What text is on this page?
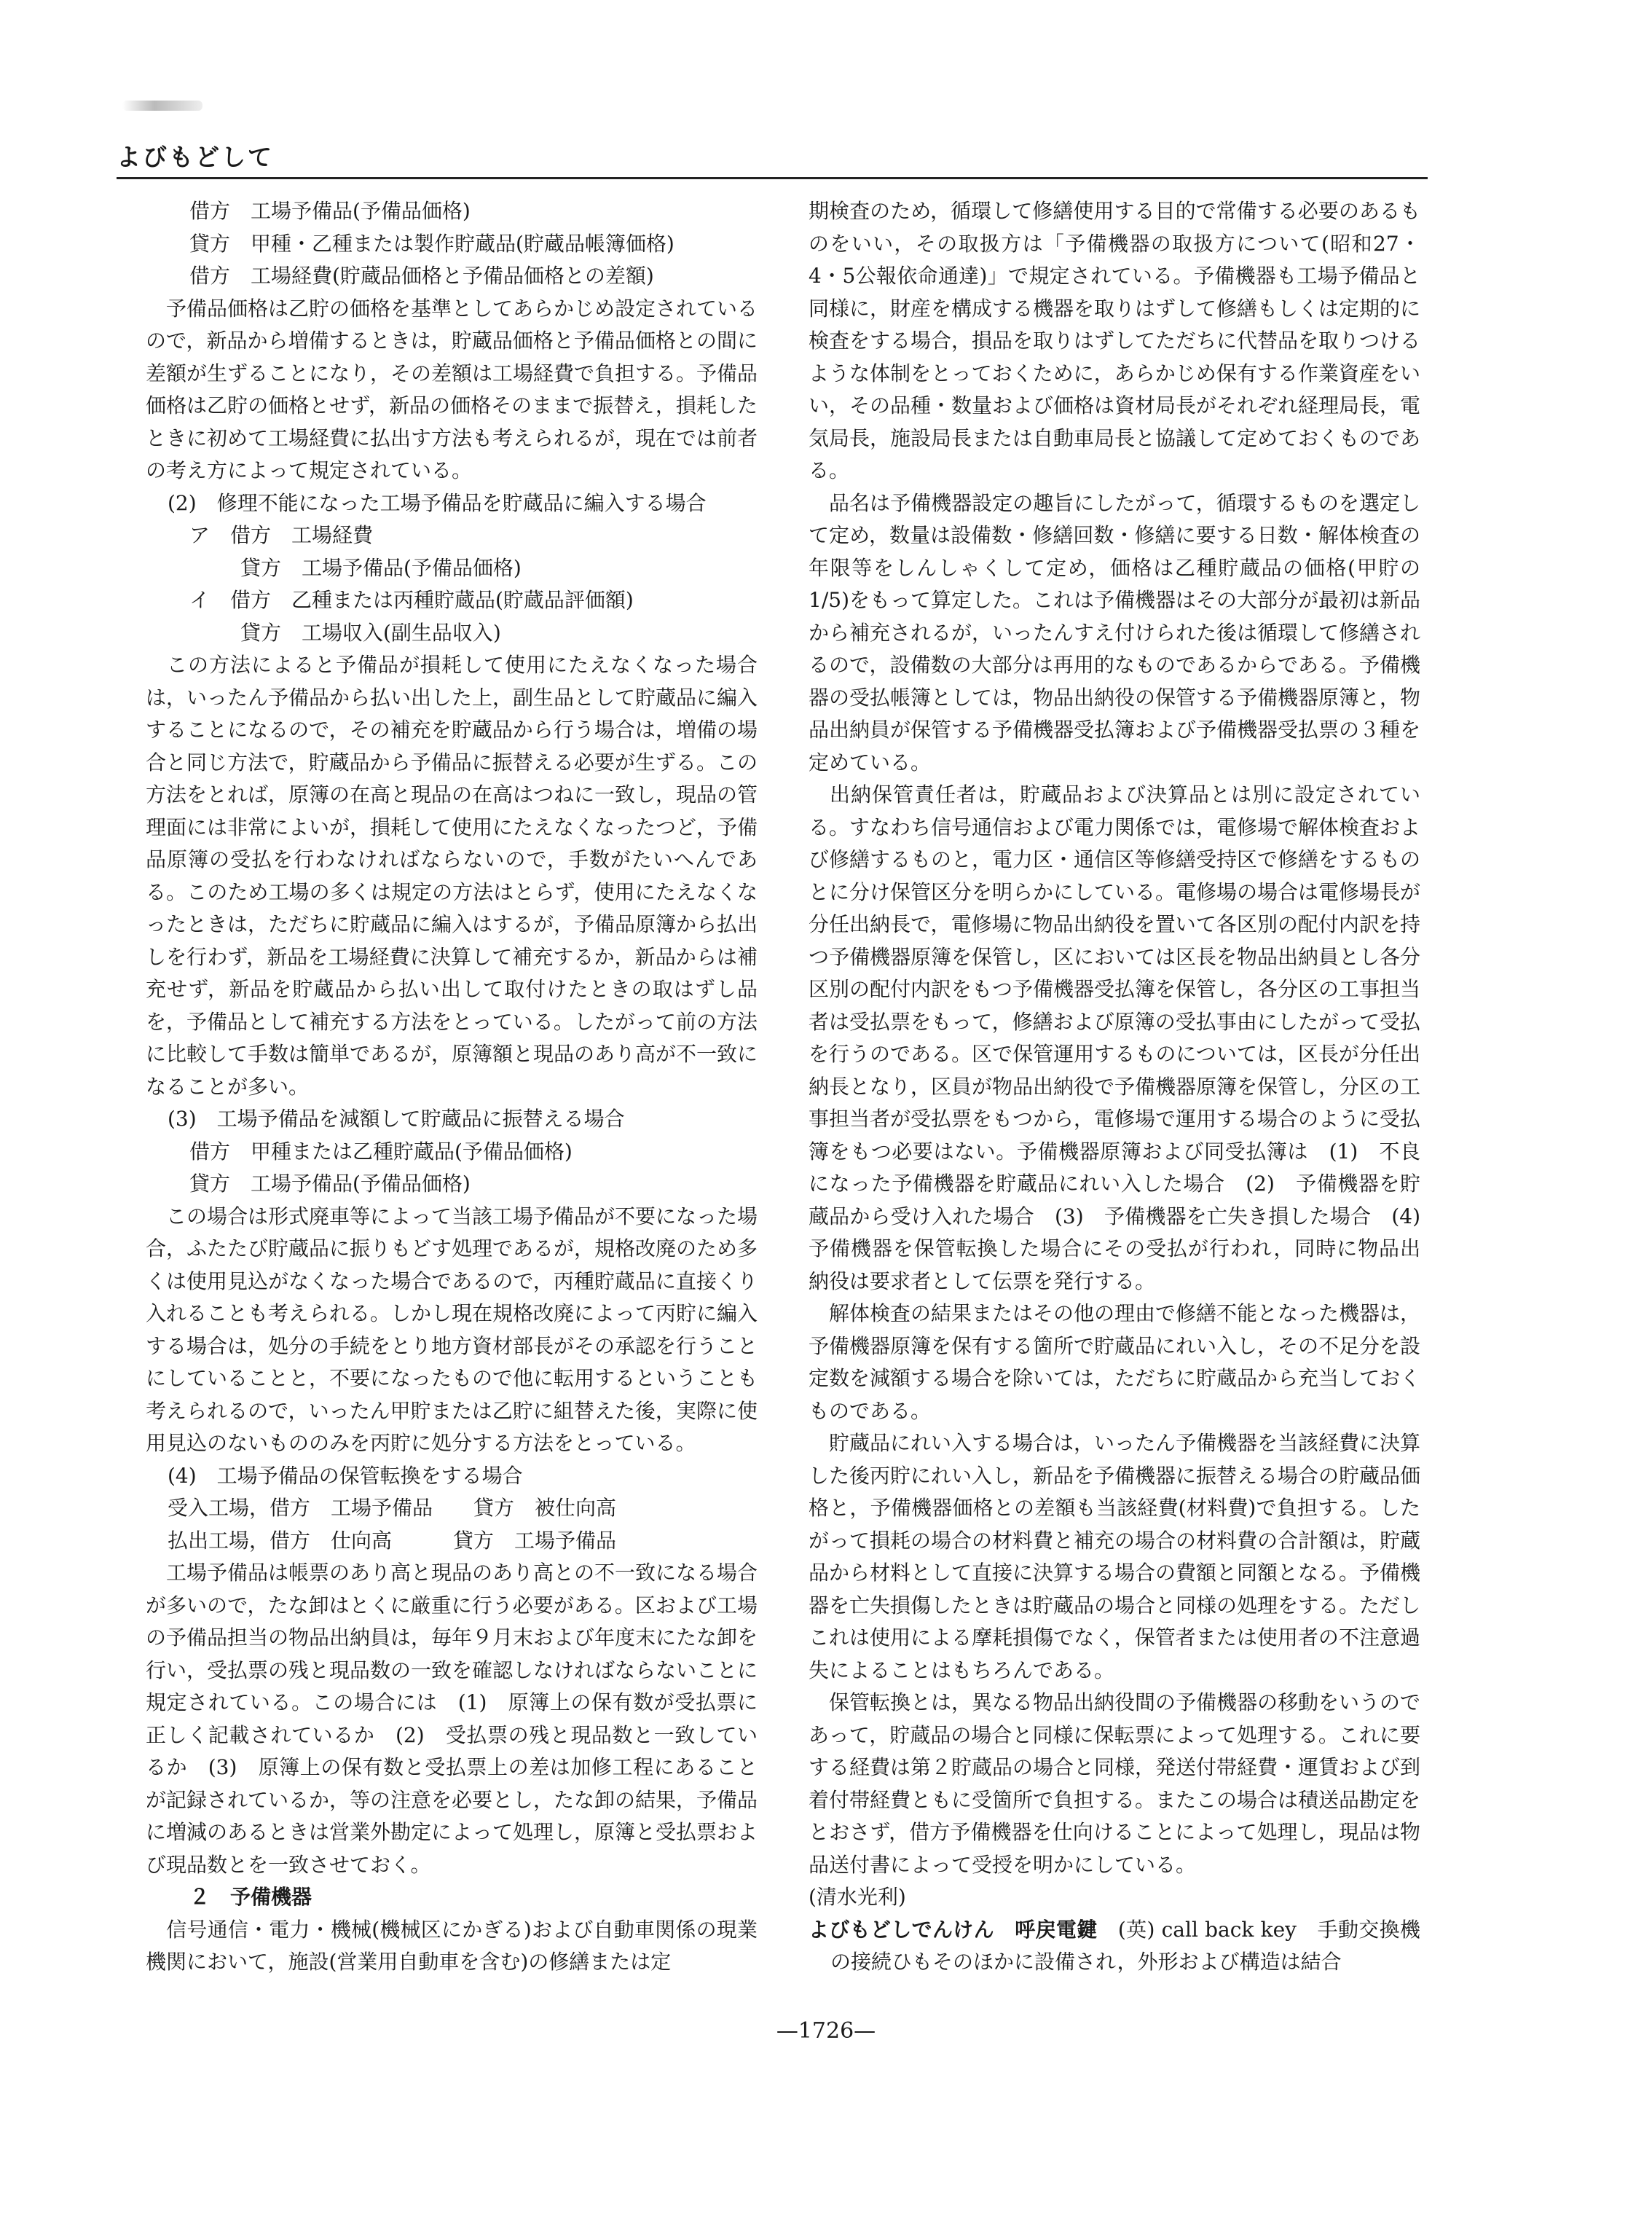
よびもどして

借方　工場予備品(予備品価格)

貸方　甲種・乙種または製作貯蔵品(貯蔵品帳簿価格)

借方　工場経費(貯蔵品価格と予備品価格との差額)

　予備品価格は乙貯の価格を基準としてあらかじめ設定されているので，新品から増備するときは，貯蔵品価格と予備品価格との間に差額が生ずることになり，その差額は工場経費で負担する。予備品価格は乙貯の価格とせず，新品の価格そのままで振替え，損耗したときに初めて工場経費に払出す方法も考えられるが，現在では前者の考え方によって規定されている。

(2)　修理不能になった工場予備品を貯蔵品に編入する場合

ア　借方　工場経費

貸方　工場予備品(予備品価格)

イ　借方　乙種または丙種貯蔵品(貯蔵品評価額)

貸方　工場収入(副生品収入)

　この方法によると予備品が損耗して使用にたえなくなった場合は，いったん予備品から払い出した上，副生品として貯蔵品に編入することになるので，その補充を貯蔵品から行う場合は，増備の場合と同じ方法で，貯蔵品から予備品に振替える必要が生ずる。この方法をとれば，原簿の在高と現品の在高はつねに一致し，現品の管理面には非常によいが，損耗して使用にたえなくなったつど，予備品原簿の受払を行わなければならないので，手数がたいへんである。このため工場の多くは規定の方法はとらず，使用にたえなくなったときは，ただちに貯蔵品に編入はするが，予備品原簿から払出しを行わず，新品を工場経費に決算して補充するか，新品からは補充せず，新品を貯蔵品から払い出して取付けたときの取はずし品を，予備品として補充する方法をとっている。したがって前の方法に比較して手数は簡単であるが，原簿額と現品のあり高が不一致になることが多い。

(3)　工場予備品を減額して貯蔵品に振替える場合

借方　甲種または乙種貯蔵品(予備品価格)

貸方　工場予備品(予備品価格)

　この場合は形式廃車等によって当該工場予備品が不要になった場合，ふたたび貯蔵品に振りもどす処理であるが，規格改廃のため多くは使用見込がなくなった場合であるので，丙種貯蔵品に直接くり入れることも考えられる。しかし現在規格改廃によって丙貯に編入する場合は，処分の手続をとり地方資材部長がその承認を行うことにしていることと，不要になったもので他に転用するということも考えられるので，いったん甲貯または乙貯に組替えた後，実際に使用見込のないもののみを丙貯に処分する方法をとっている。

(4)　工場予備品の保管転換をする場合

受入工場，借方　工場予備品　　貸方　被仕向高

払出工場，借方　仕向高　　　貸方　工場予備品

　工場予備品は帳票のあり高と現品のあり高との不一致になる場合が多いので，たな卸はとくに厳重に行う必要がある。区および工場の予備品担当の物品出納員は，毎年９月末および年度末にたな卸を行い，受払票の残と現品数の一致を確認しなければならないことに規定されている。この場合には　(1)　原簿上の保有数が受払票に正しく記載されているか　(2)　受払票の残と現品数と一致しているか　(3)　原簿上の保有数と受払票上の差は加修工程にあることが記録されているか，等の注意を必要とし，たな卸の結果，予備品に増減のあるときは営業外勘定によって処理し，原簿と受払票および現品数とを一致させておく。

２　予備機器

　信号通信・電力・機械(機械区にかぎる)および自動車関係の現業機関において，施設(営業用自動車を含む)の修繕または定

期検査のため，循環して修繕使用する目的で常備する必要のあるものをいい，その取扱方は「予備機器の取扱方について(昭和27・4・5公報依命通達)」で規定されている。予備機器も工場予備品と同様に，財産を構成する機器を取りはずして修繕もしくは定期的に検査をする場合，損品を取りはずしてただちに代替品を取りつけるような体制をとっておくために，あらかじめ保有する作業資産をいい，その品種・数量および価格は資材局長がそれぞれ経理局長，電気局長，施設局長または自動車局長と協議して定めておくものである。

　品名は予備機器設定の趣旨にしたがって，循環するものを選定して定め，数量は設備数・修繕回数・修繕に要する日数・解体検査の年限等をしんしゃくして定め，価格は乙種貯蔵品の価格(甲貯の1/5)をもって算定した。これは予備機器はその大部分が最初は新品から補充されるが，いったんすえ付けられた後は循環して修繕されるので，設備数の大部分は再用的なものであるからである。予備機器の受払帳簿としては，物品出納役の保管する予備機器原簿と，物品出納員が保管する予備機器受払簿および予備機器受払票の３種を定めている。

　出納保管責任者は，貯蔵品および決算品とは別に設定されている。すなわち信号通信および電力関係では，電修場で解体検査および修繕するものと，電力区・通信区等修繕受持区で修繕をするものとに分け保管区分を明らかにしている。電修場の場合は電修場長が分任出納長で，電修場に物品出納役を置いて各区別の配付内訳を持つ予備機器原簿を保管し，区においては区長を物品出納員とし各分区別の配付内訳をもつ予備機器受払簿を保管し，各分区の工事担当者は受払票をもって，修繕および原簿の受払事由にしたがって受払を行うのである。区で保管運用するものについては，区長が分任出納長となり，区員が物品出納役で予備機器原簿を保管し，分区の工事担当者が受払票をもつから，電修場で運用する場合のように受払簿をもつ必要はない。予備機器原簿および同受払簿は　(1)　不良になった予備機器を貯蔵品にれい入した場合　(2)　予備機器を貯蔵品から受け入れた場合　(3)　予備機器を亡失き損した場合　(4)　予備機器を保管転換した場合にその受払が行われ，同時に物品出納役は要求者として伝票を発行する。

　解体検査の結果またはその他の理由で修繕不能となった機器は，予備機器原簿を保有する箇所で貯蔵品にれい入し，その不足分を設定数を減額する場合を除いては，ただちに貯蔵品から充当しておくものである。

　貯蔵品にれい入する場合は，いったん予備機器を当該経費に決算した後丙貯にれい入し，新品を予備機器に振替える場合の貯蔵品価格と，予備機器価格との差額も当該経費(材料費)で負担する。したがって損耗の場合の材料費と補充の場合の材料費の合計額は，貯蔵品から材料として直接に決算する場合の費額と同額となる。予備機器を亡失損傷したときは貯蔵品の場合と同様の処理をする。ただしこれは使用による摩耗損傷でなく，保管者または使用者の不注意過失によることはもちろんである。

　保管転換とは，異なる物品出納役間の予備機器の移動をいうのであって，貯蔵品の場合と同様に保転票によって処理する。これに要する経費は第２貯蔵品の場合と同様，発送付帯経費・運賃および到着付帯経費ともに受箇所で負担する。またこの場合は積送品勘定をとおさず，借方予備機器を仕向けることによって処理し，現品は物品送付書によって受授を明かにしている。

(清水光利)

よびもどしでんけん　 呼戻電鍵　 (英) call back key　 手動交換機の接続ひもそのほかに設備され，外形および構造は結合

—1726—
